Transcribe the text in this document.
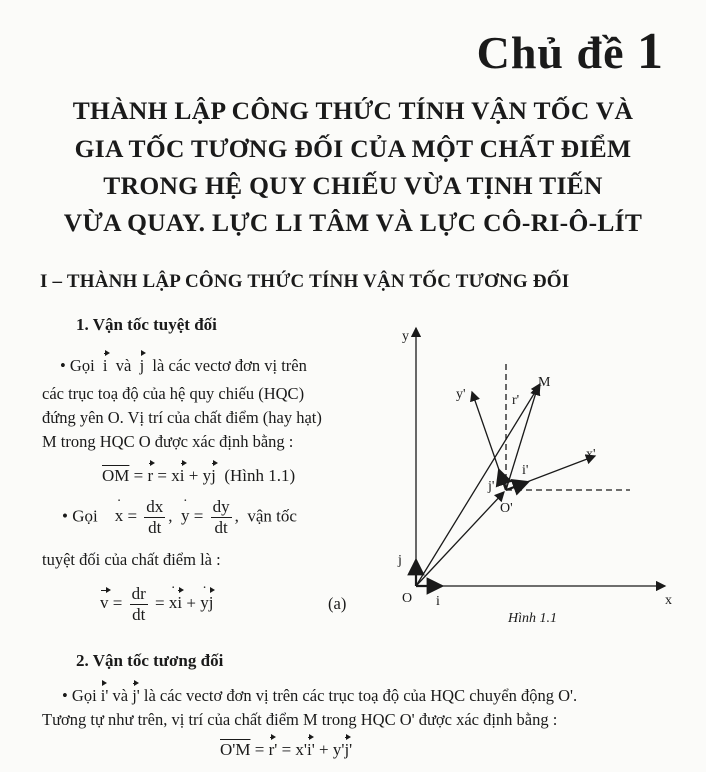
Chủ đề 1
THÀNH LẬP CÔNG THỨC TÍNH VẬN TỐC VÀ
GIA TỐC TƯƠNG ĐỐI CỦA MỘT CHẤT ĐIỂM
TRONG HỆ QUY CHIẾU VỪA TỊNH TIẾN
VỪA QUAY. LỰC LI TÂM VÀ LỰC CÔ-RI-Ô-LÍT
I – THÀNH LẬP CÔNG THỨC TÍNH VẬN TỐC TƯƠNG ĐỐI
1. Vận tốc tuyệt đối
• Gọi i và j là các vectơ đơn vị trên
các trục toạ độ của hệ quy chiếu (HQC)
đứng yên O. Vị trí của chất điểm (hay hạt)
M trong HQC O được xác định bằng :
$\overline{OM} = r$ = xi + yj (Hình 1.1)
• Gọi x · = $\frac{dx}{dt}$ ,  y · = $\frac{dy}{dt}$ ,  vận tốc
tuyệt đối của chất điểm là :
$v = \frac{dr}{dt} = x \cdot i + y \cdot j$	(a)
2. Vận tốc tương đối
• Gọi i' và j' là các vectơ đơn vị trên các trục toạ độ của HQC chuyển động O'.
Tương tự như trên, vị trí của chất điểm M trong HQC O' được xác định bằng :
O'M = r' = x'i' + y'j'
y
x
O
O'
M
x'
y'
i
j
i'
j'
r'
Hình 1.1
